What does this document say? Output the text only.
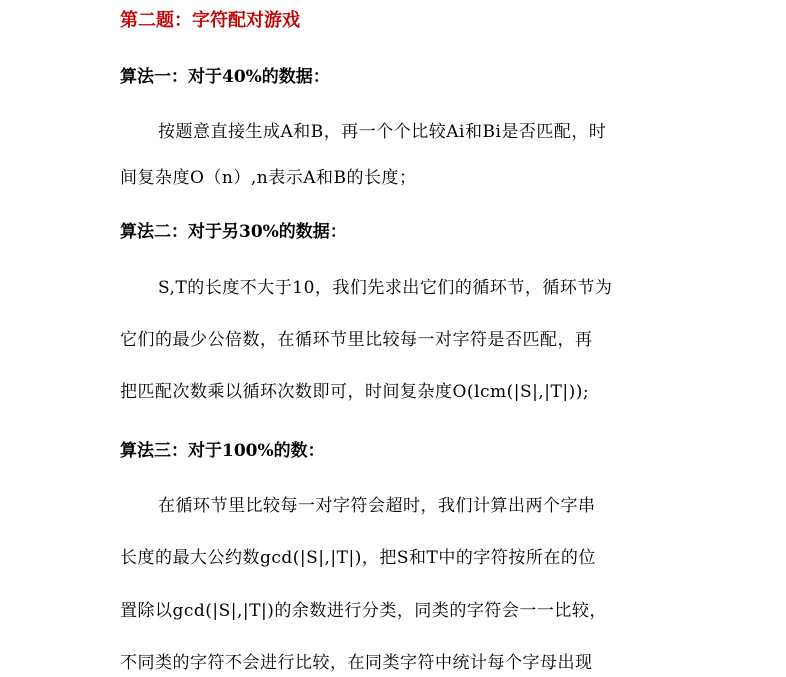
第二题：字符配对游戏
算法一：对于40%的数据：
按题意直接生成A和B，再一个个比较Ai和Bi是否匹配，时
间复杂度O（n）,n表示A和B的长度；
算法二：对于另30%的数据：
S,T的长度不大于10，我们先求出它们的循环节，循环节为
它们的最少公倍数，在循环节里比较每一对字符是否匹配，再
把匹配次数乘以循环次数即可，时间复杂度O(lcm(|S|,|T|));
算法三：对于100%的数：
在循环节里比较每一对字符会超时，我们计算出两个字串
长度的最大公约数gcd(|S|,|T|)，把S和T中的字符按所在的位
置除以gcd(|S|,|T|)的余数进行分类，同类的字符会一一比较，
不同类的字符不会进行比较，在同类字符中统计每个字母出现
